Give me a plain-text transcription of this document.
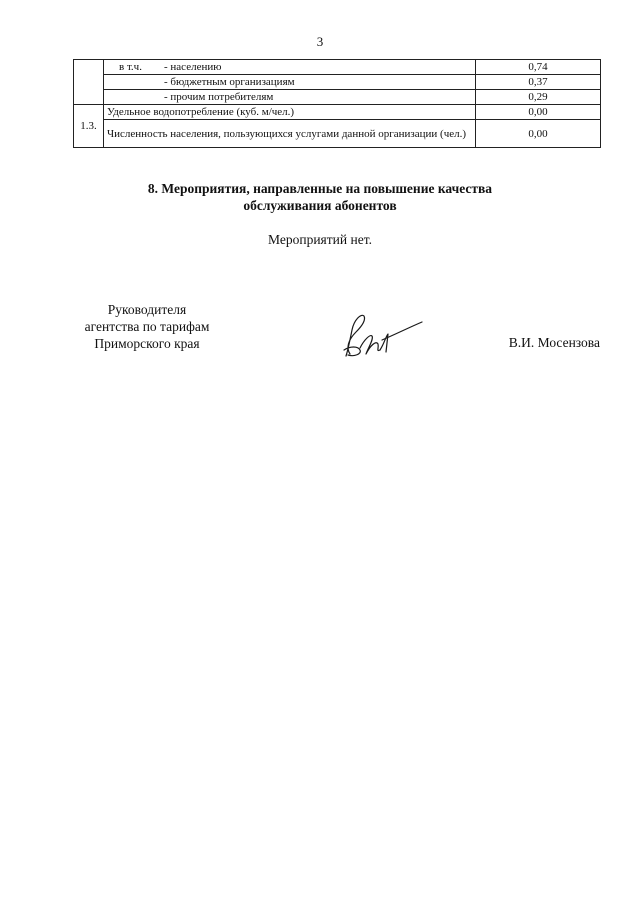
3
	в т.ч. - населению	0,74
	- бюджетным организациям	0,37
	- прочим потребителям	0,29
1.3.	Удельное водопотребление (куб. м/чел.)	0,00
	Численность населения, пользующихся услугами данной организации (чел.)	0,00
8. Мероприятия, направленные на повышение качества
обслуживания абонентов
Мероприятий нет.
Руководителя
агентства по тарифам
Приморского края	В.И. Мосензова
